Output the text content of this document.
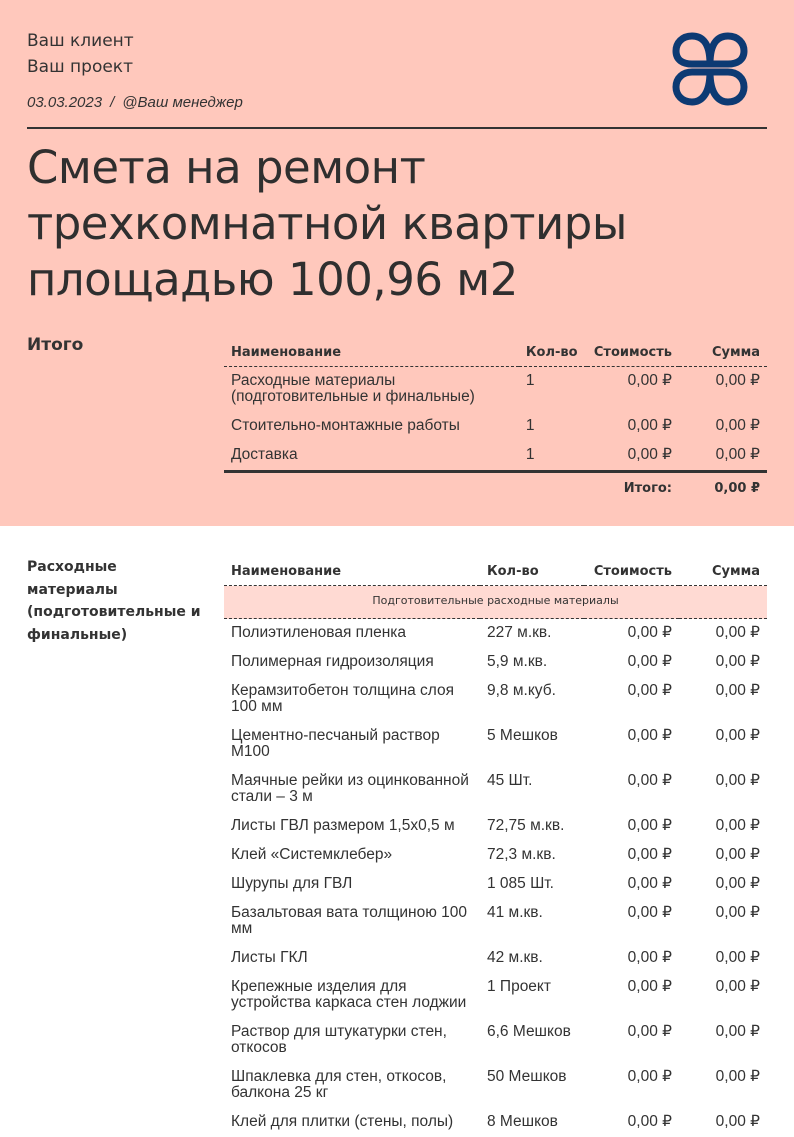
Ваш клиент
Ваш проект
03.03.2023 / @Ваш менеджер
Смета на ремонт трехкомнатной квартиры площадью 100,96 м2
Итого	Наименование	Кол-во	Стоимость	Сумма
Расходные материалы (подготовительные и финальные)	1	0,00 ₽	0,00 ₽
Стоительно-монтажные работы	1	0,00 ₽	0,00 ₽
Доставка	1	0,00 ₽	0,00 ₽
		Итого:	0,00 ₽
Расходные материалы (подготовительные и финальные)
Наименование	Кол-во	Стоимость	Сумма
Подготовительные расходные материалы			
Полиэтиленовая пленка	227 м.кв.	0,00 ₽	0,00 ₽
Полимерная гидроизоляция	5,9 м.кв.	0,00 ₽	0,00 ₽
Керамзитобетон толщина слоя 100 мм	9,8 м.куб.	0,00 ₽	0,00 ₽
Цементно-песчаный раствор М100	5 Мешков	0,00 ₽	0,00 ₽
Маячные рейки из оцинкованной стали – 3 м	45 Шт.	0,00 ₽	0,00 ₽
Листы ГВЛ размером 1,5х0,5 м	72,75 м.кв.	0,00 ₽	0,00 ₽
Клей «Системклебер»	72,3 м.кв.	0,00 ₽	0,00 ₽
Шурупы для ГВЛ	1 085 Шт.	0,00 ₽	0,00 ₽
Базальтовая вата толщиною 100 мм	41 м.кв.	0,00 ₽	0,00 ₽
Листы ГКЛ	42 м.кв.	0,00 ₽	0,00 ₽
Крепежные изделия для устройства каркаса стен лоджии	1 Проект	0,00 ₽	0,00 ₽
Раствор для штукатурки стен, откосов	6,6 Мешков	0,00 ₽	0,00 ₽
Шпаклевка для стен, откосов, балкона 25 кг	50 Мешков	0,00 ₽	0,00 ₽
Клей для плитки (стены, полы)	8 Мешков	0,00 ₽	0,00 ₽
